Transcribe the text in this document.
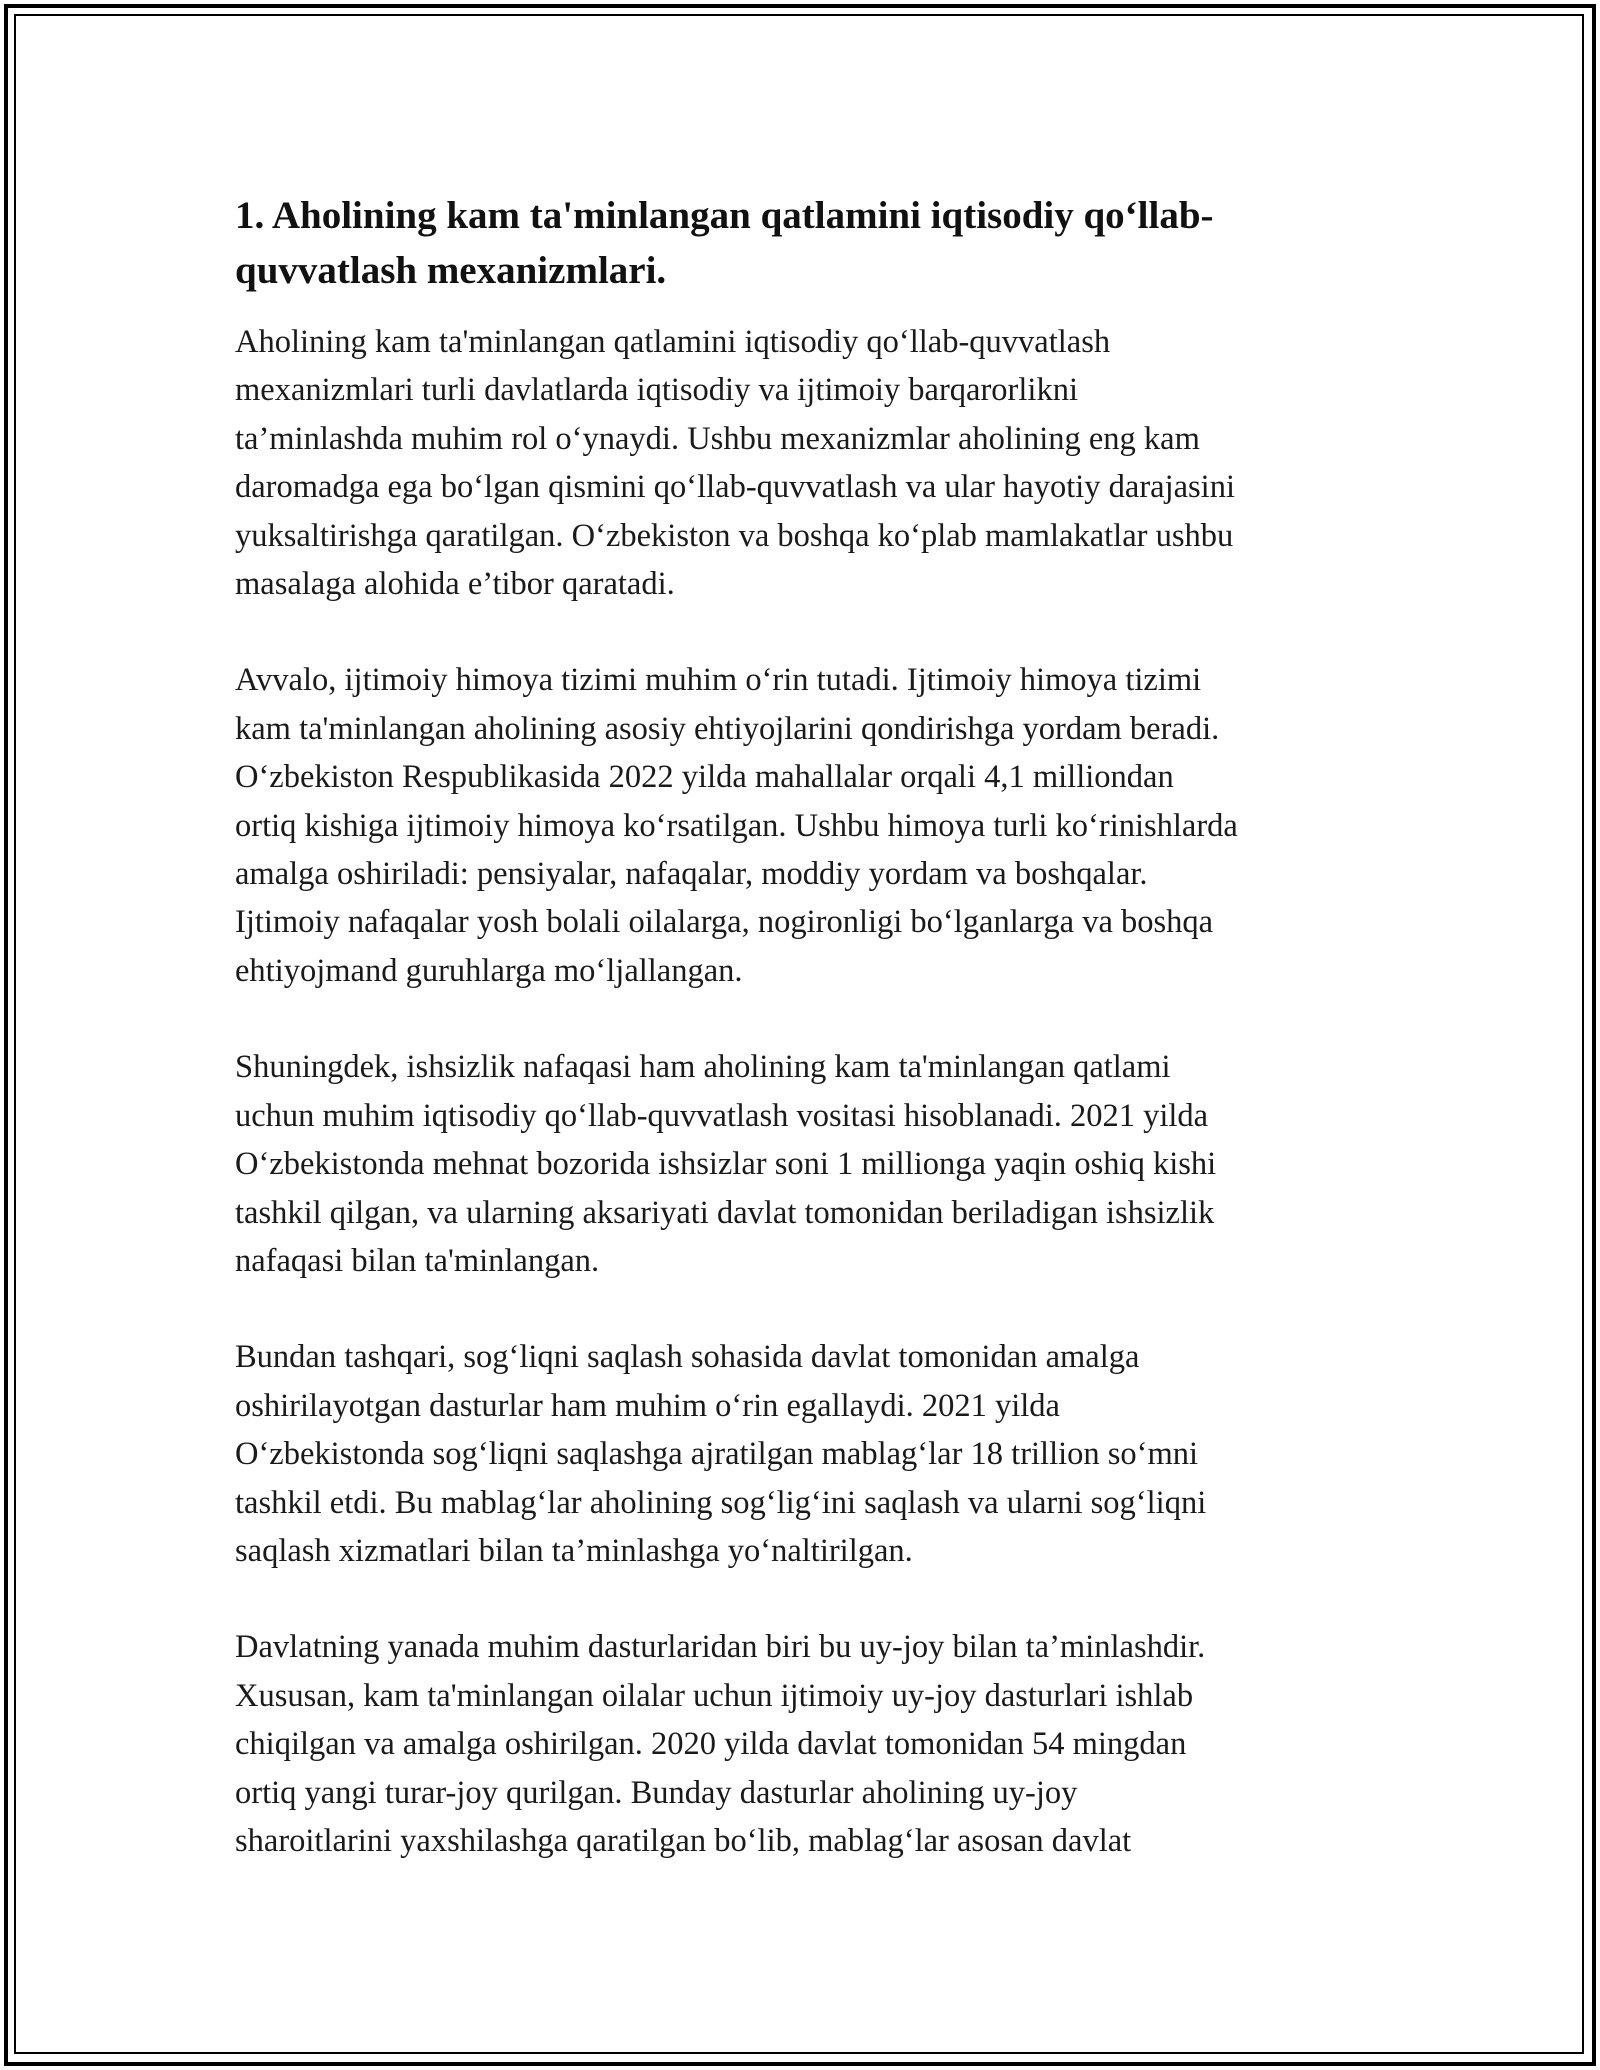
1. Aholining kam ta'minlangan qatlamini iqtisodiy qo‘llab-
quvvatlash mexanizmlari.

Aholining kam ta'minlangan qatlamini iqtisodiy qo‘llab-quvvatlash
mexanizmlari turli davlatlarda iqtisodiy va ijtimoiy barqarorlikni
ta’minlashda muhim rol o‘ynaydi. Ushbu mexanizmlar aholining eng kam
daromadga ega bo‘lgan qismini qo‘llab-quvvatlash va ular hayotiy darajasini
yuksaltirishga qaratilgan. O‘zbekiston va boshqa ko‘plab mamlakatlar ushbu
masalaga alohida e’tibor qaratadi.

Avvalo, ijtimoiy himoya tizimi muhim o‘rin tutadi. Ijtimoiy himoya tizimi
kam ta'minlangan aholining asosiy ehtiyojlarini qondirishga yordam beradi.
O‘zbekiston Respublikasida 2022 yilda mahallalar orqali 4,1 milliondan
ortiq kishiga ijtimoiy himoya ko‘rsatilgan. Ushbu himoya turli ko‘rinishlarda
amalga oshiriladi: pensiyalar, nafaqalar, moddiy yordam va boshqalar.
Ijtimoiy nafaqalar yosh bolali oilalarga, nogironligi bo‘lganlarga va boshqa
ehtiyojmand guruhlarga mo‘ljallangan.

Shuningdek, ishsizlik nafaqasi ham aholining kam ta'minlangan qatlami
uchun muhim iqtisodiy qo‘llab-quvvatlash vositasi hisoblanadi. 2021 yilda
O‘zbekistonda mehnat bozorida ishsizlar soni 1 millionga yaqin oshiq kishi
tashkil qilgan, va ularning aksariyati davlat tomonidan beriladigan ishsizlik
nafaqasi bilan ta'minlangan.

Bundan tashqari, sog‘liqni saqlash sohasida davlat tomonidan amalga
oshirilayotgan dasturlar ham muhim o‘rin egallaydi. 2021 yilda
O‘zbekistonda sog‘liqni saqlashga ajratilgan mablag‘lar 18 trillion so‘mni
tashkil etdi. Bu mablag‘lar aholining sog‘lig‘ini saqlash va ularni sog‘liqni
saqlash xizmatlari bilan ta’minlashga yo‘naltirilgan.

Davlatning yanada muhim dasturlaridan biri bu uy-joy bilan ta’minlashdir.
Xususan, kam ta'minlangan oilalar uchun ijtimoiy uy-joy dasturlari ishlab
chiqilgan va amalga oshirilgan. 2020 yilda davlat tomonidan 54 mingdan
ortiq yangi turar-joy qurilgan. Bunday dasturlar aholining uy-joy
sharoitlarini yaxshilashga qaratilgan bo‘lib, mablag‘lar asosan davlat
